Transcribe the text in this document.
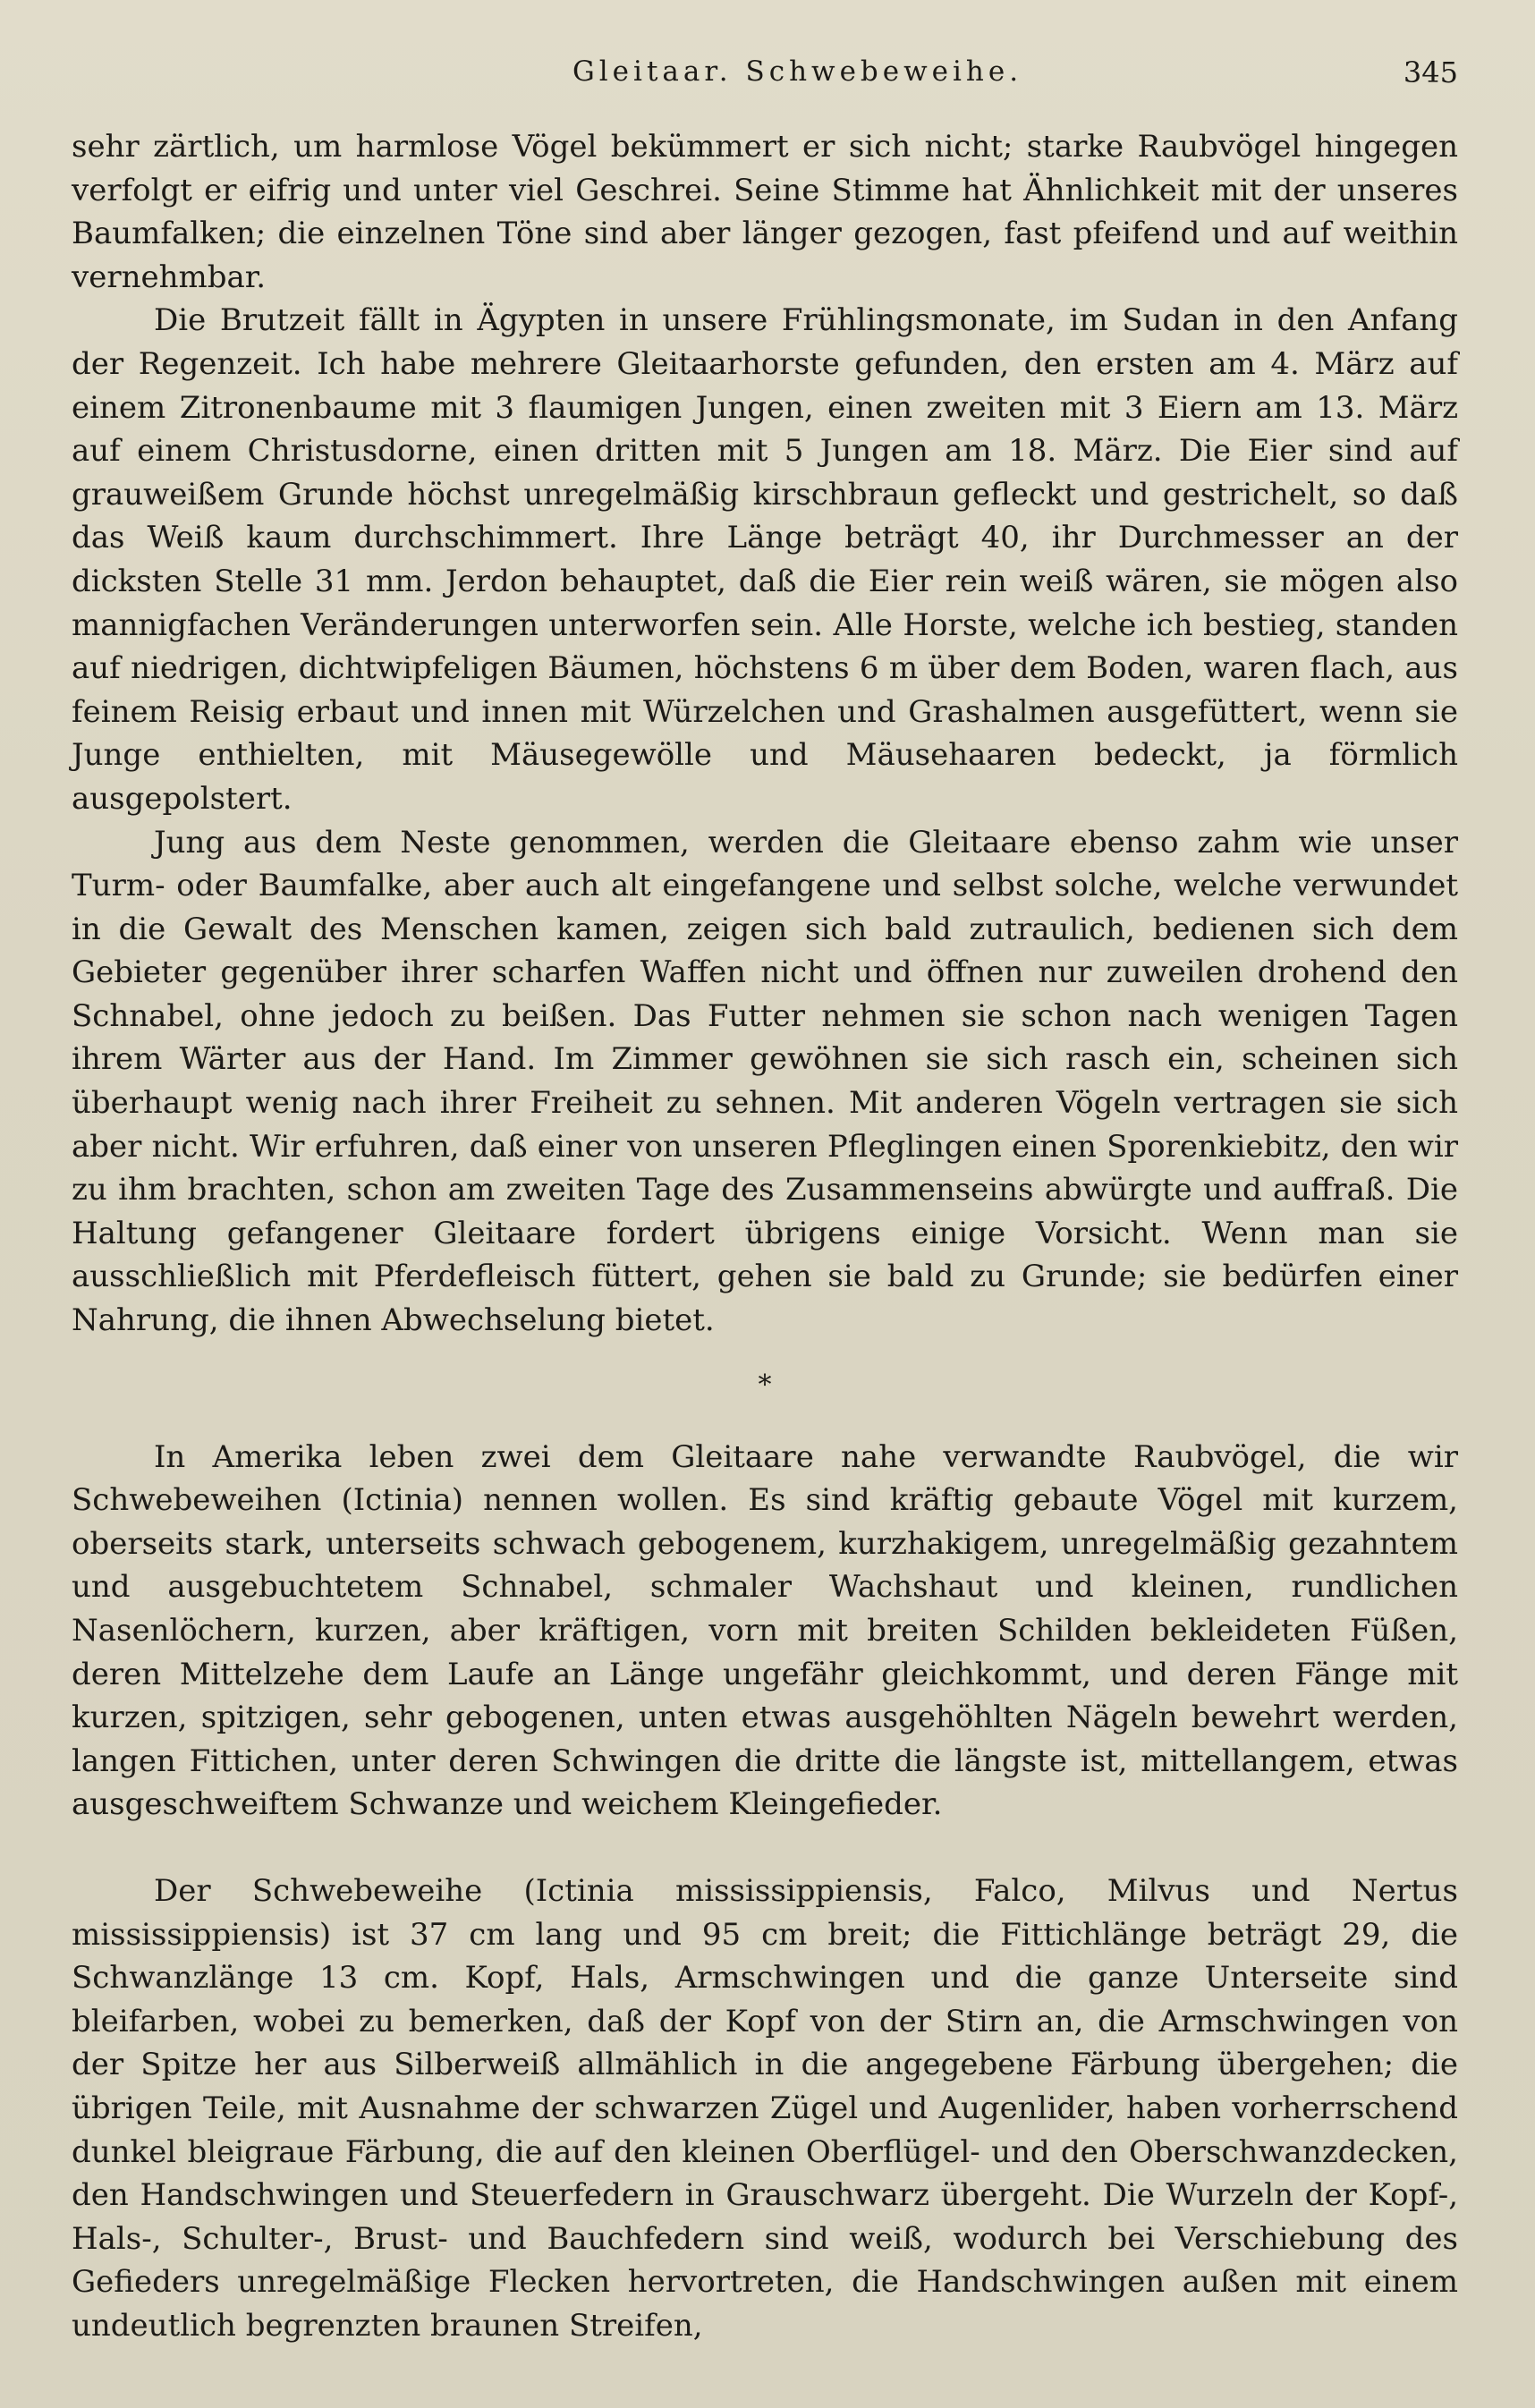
Gleitaar. Schwebeweihe.	345

sehr zärtlich, um harmlose Vögel bekümmert er sich nicht; starke Raubvögel hingegen verfolgt er eifrig und unter viel Geschrei. Seine Stimme hat Ähnlichkeit mit der unseres Baumfalken; die einzelnen Töne sind aber länger gezogen, fast pfeifend und auf weithin vernehmbar.

Die Brutzeit fällt in Ägypten in unsere Frühlingsmonate, im Sudan in den Anfang der Regenzeit. Ich habe mehrere Gleitaarhorste gefunden, den ersten am 4. März auf einem Zitronenbaume mit 3 flaumigen Jungen, einen zweiten mit 3 Eiern am 13. März auf einem Christusdorne, einen dritten mit 5 Jungen am 18. März. Die Eier sind auf grauweißem Grunde höchst unregelmäßig kirschbraun gefleckt und gestrichelt, so daß das Weiß kaum durchschimmert. Ihre Länge beträgt 40, ihr Durchmesser an der dicksten Stelle 31 mm. Jerdon behauptet, daß die Eier rein weiß wären, sie mögen also mannigfachen Veränderungen unterworfen sein. Alle Horste, welche ich bestieg, standen auf niedrigen, dichtwipfeligen Bäumen, höchstens 6 m über dem Boden, waren flach, aus feinem Reisig erbaut und innen mit Würzelchen und Grashalmen ausgefüttert, wenn sie Junge enthielten, mit Mäusegewölle und Mäusehaaren bedeckt, ja förmlich ausgepolstert.

Jung aus dem Neste genommen, werden die Gleitaare ebenso zahm wie unser Turm- oder Baumfalke, aber auch alt eingefangene und selbst solche, welche verwundet in die Gewalt des Menschen kamen, zeigen sich bald zutraulich, bedienen sich dem Gebieter gegenüber ihrer scharfen Waffen nicht und öffnen nur zuweilen drohend den Schnabel, ohne jedoch zu beißen. Das Futter nehmen sie schon nach wenigen Tagen ihrem Wärter aus der Hand. Im Zimmer gewöhnen sie sich rasch ein, scheinen sich überhaupt wenig nach ihrer Freiheit zu sehnen. Mit anderen Vögeln vertragen sie sich aber nicht. Wir erfuhren, daß einer von unseren Pfleglingen einen Sporenkiebitz, den wir zu ihm brachten, schon am zweiten Tage des Zusammenseins abwürgte und auffraß. Die Haltung gefangener Gleitaare fordert übrigens einige Vorsicht. Wenn man sie ausschließlich mit Pferdefleisch füttert, gehen sie bald zu Grunde; sie bedürfen einer Nahrung, die ihnen Abwechselung bietet.

*

In Amerika leben zwei dem Gleitaare nahe verwandte Raubvögel, die wir Schwebeweihen (Ictinia) nennen wollen. Es sind kräftig gebaute Vögel mit kurzem, oberseits stark, unterseits schwach gebogenem, kurzhakigem, unregelmäßig gezahntem und ausgebuchtetem Schnabel, schmaler Wachshaut und kleinen, rundlichen Nasenlöchern, kurzen, aber kräftigen, vorn mit breiten Schilden bekleideten Füßen, deren Mittelzehe dem Laufe an Länge ungefähr gleichkommt, und deren Fänge mit kurzen, spitzigen, sehr gebogenen, unten etwas ausgehöhlten Nägeln bewehrt werden, langen Fittichen, unter deren Schwingen die dritte die längste ist, mittellangem, etwas ausgeschweiftem Schwanze und weichem Kleingefieder.

Der Schwebeweihe (Ictinia mississippiensis, Falco, Milvus und Nertus mississippiensis) ist 37 cm lang und 95 cm breit; die Fittichlänge beträgt 29, die Schwanzlänge 13 cm. Kopf, Hals, Armschwingen und die ganze Unterseite sind bleifarben, wobei zu bemerken, daß der Kopf von der Stirn an, die Armschwingen von der Spitze her aus Silberweiß allmählich in die angegebene Färbung übergehen; die übrigen Teile, mit Ausnahme der schwarzen Zügel und Augenlider, haben vorherrschend dunkel bleigraue Färbung, die auf den kleinen Oberflügel- und den Oberschwanzdecken, den Handschwingen und Steuerfedern in Grauschwarz übergeht. Die Wurzeln der Kopf-, Hals-, Schulter-, Brust- und Bauchfedern sind weiß, wodurch bei Verschiebung des Gefieders unregelmäßige Flecken hervortreten, die Handschwingen außen mit einem undeutlich begrenzten braunen Streifen,
